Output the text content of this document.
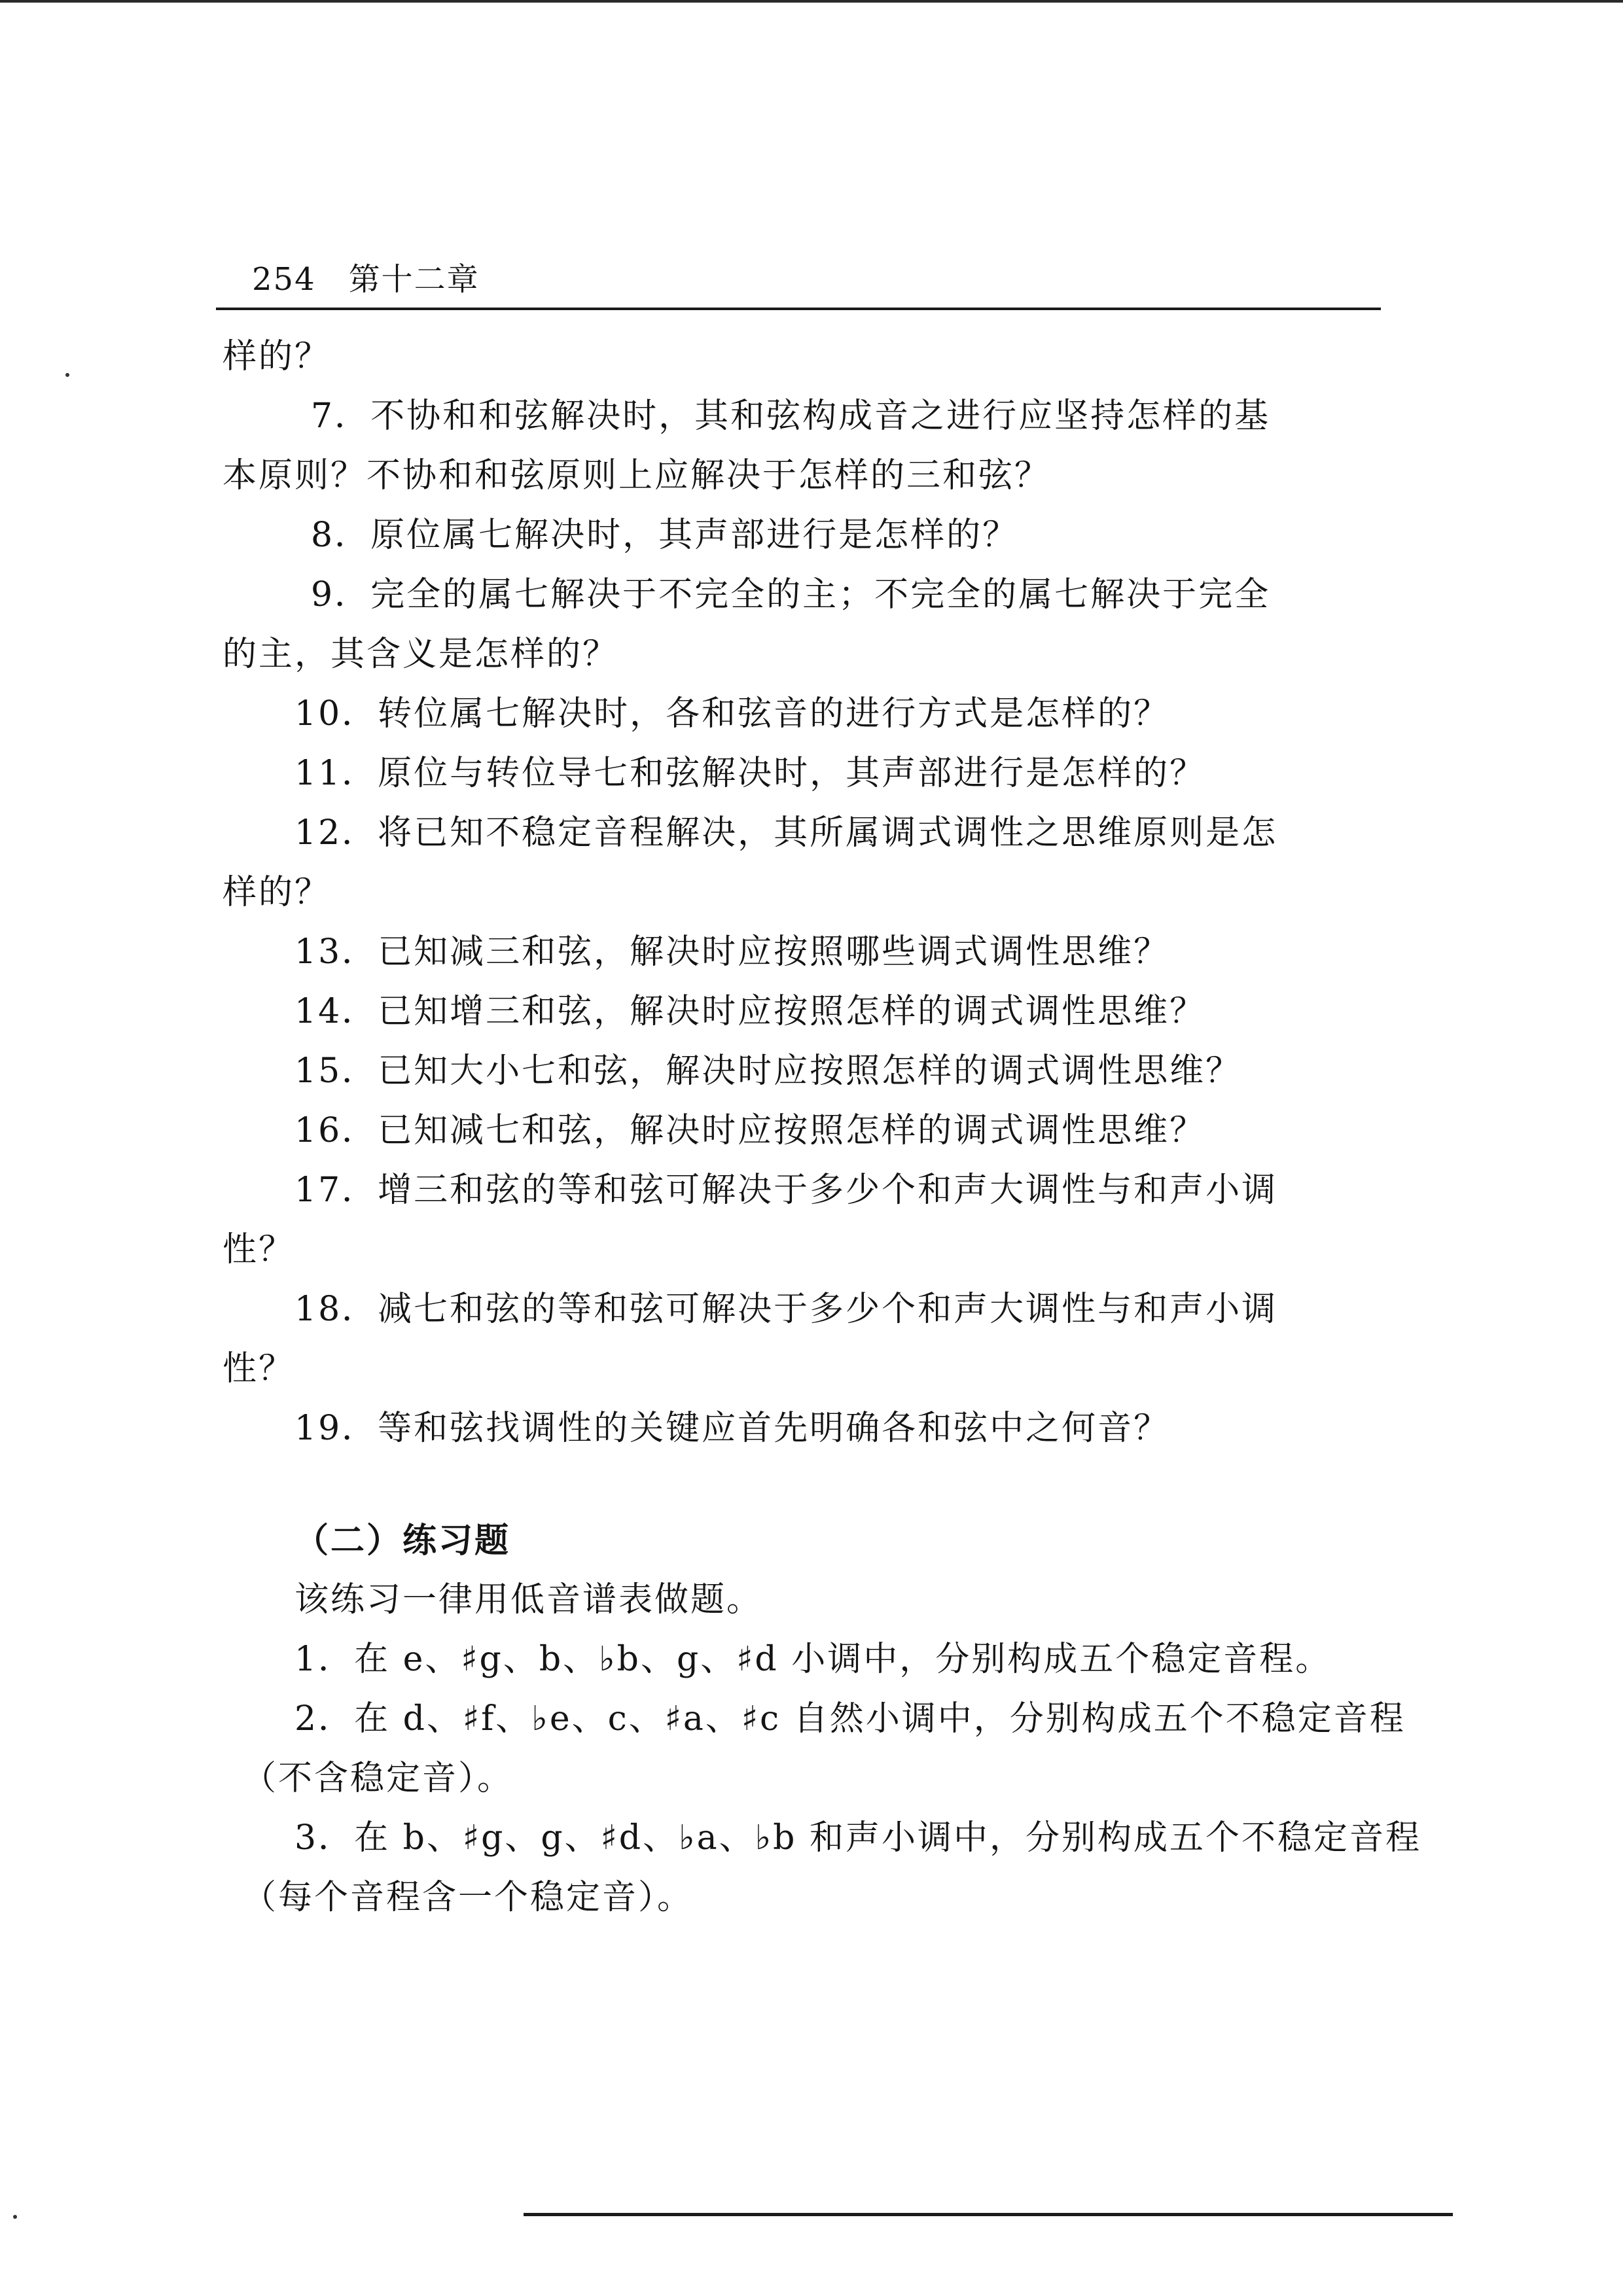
254 第十二章
样的？
7．不协和和弦解决时，其和弦构成音之进行应坚持怎样的基
本原则？不协和和弦原则上应解决于怎样的三和弦？
8．原位属七解决时，其声部进行是怎样的？
9．完全的属七解决于不完全的主；不完全的属七解决于完全
的主，其含义是怎样的？
10．转位属七解决时，各和弦音的进行方式是怎样的？
11．原位与转位导七和弦解决时，其声部进行是怎样的？
12．将已知不稳定音程解决，其所属调式调性之思维原则是怎
样的？
13．已知减三和弦，解决时应按照哪些调式调性思维？
14．已知增三和弦，解决时应按照怎样的调式调性思维？
15．已知大小七和弦，解决时应按照怎样的调式调性思维？
16．已知减七和弦，解决时应按照怎样的调式调性思维？
17．增三和弦的等和弦可解决于多少个和声大调性与和声小调
性？
18．减七和弦的等和弦可解决于多少个和声大调性与和声小调
性？
19．等和弦找调性的关键应首先明确各和弦中之何音？
（二）练习题
该练习一律用低音谱表做题。
1．在 e、♯g、b、♭b、g、♯d 小调中，分别构成五个稳定音程。
2．在 d、♯f、♭e、c、♯a、♯c 自然小调中，分别构成五个不稳定音程
（不含稳定音）。
3．在 b、♯g、g、♯d、♭a、♭b 和声小调中，分别构成五个不稳定音程
（每个音程含一个稳定音）。
